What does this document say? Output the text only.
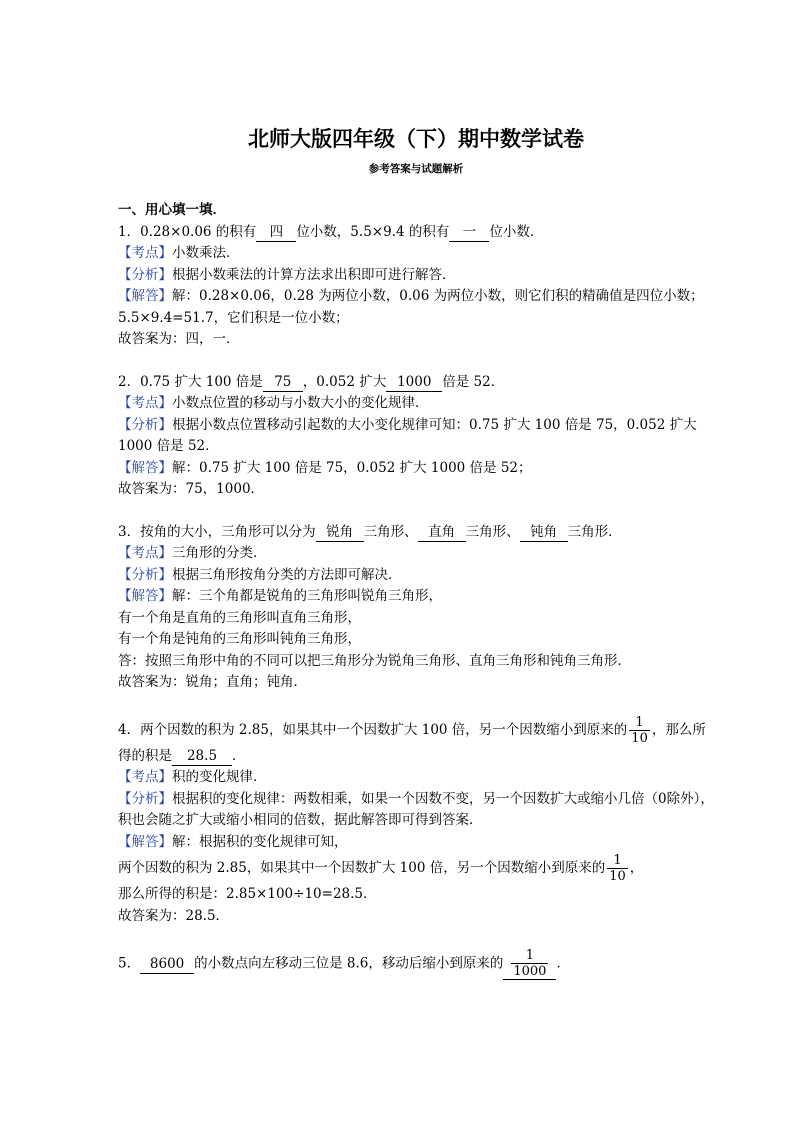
北师大版四年级（下）期中数学试卷
参考答案与试题解析

一、用心填一填．

1．0.28×0.06 的积有 四 位小数，5.5×9.4 的积有 一 位小数．

【考点】小数乘法．

【分析】根据小数乘法的计算方法求出积即可进行解答．

【解答】解：0.28×0.06，0.28 为两位小数，0.06 为两位小数，则它们积的精确值是四位小数；

5.5×9.4=51.7，它们积是一位小数；

故答案为：四，一．

2．0.75 扩大 100 倍是 75 ，0.052 扩大 1000 倍是 52．

【考点】小数点位置的移动与小数大小的变化规律．

【分析】根据小数点位置移动引起数的大小变化规律可知：0.75 扩大 100 倍是 75，0.052 扩大 1000 倍是 52．

【解答】解：0.75 扩大 100 倍是 75，0.052 扩大 1000 倍是 52；

故答案为：75，1000．

3．按角的大小，三角形可以分为 锐角 三角形、 直角 三角形、 钝角 三角形．

【考点】三角形的分类．

【分析】根据三角形按角分类的方法即可解决．

【解答】解：三个角都是锐角的三角形叫锐角三角形，

有一个角是直角的三角形叫直角三角形，

有一个角是钝角的三角形叫钝角三角形，

答：按照三角形中角的不同可以把三角形分为锐角三角形、直角三角形和钝角三角形．

故答案为：锐角；直角；钝角．

4．两个因数的积为 2.85，如果其中一个因数扩大 100 倍，另一个因数缩小到原来的 $\frac{1}{10}$ ，那么所得的积是 28.5 ．

【考点】积的变化规律．

【分析】根据积的变化规律：两数相乘，如果一个因数不变，另一个因数扩大或缩小几倍（0除外），积也会随之扩大或缩小相同的倍数，据此解答即可得到答案．

【解答】解：根据积的变化规律可知，

两个因数的积为 2.85，如果其中一个因数扩大 100 倍，另一个因数缩小到原来的 $\frac{1}{10}$ ，

那么所得的积是：2.85×100÷10=28.5．

故答案为：28.5．

5． 8600 的小数点向左移动三位是 8.6，移动后缩小到原来的 $\frac{1}{1000}$ ．
